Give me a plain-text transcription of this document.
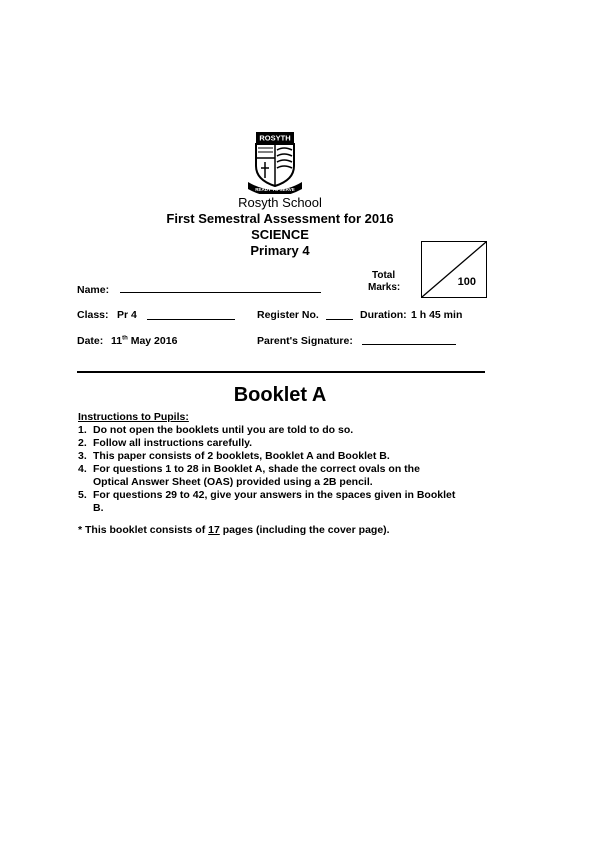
ROSYTH
READY TO SERVE
Rosyth School
First Semestral Assessment for 2016
SCIENCE
Primary 4
Total
Marks:	100
Name:
Class: Pr 4	Register No.	Duration: 1 h 45 min
Date: 11th May 2016	Parent's Signature:
Booklet A
Instructions to Pupils:
1. Do not open the booklets until you are told to do so.
2. Follow all instructions carefully.
3. This paper consists of 2 booklets, Booklet A and Booklet B.
4. For questions 1 to 28 in Booklet A, shade the correct ovals on the Optical Answer Sheet (OAS) provided using a 2B pencil.
5. For questions 29 to 42, give your answers in the spaces given in Booklet B.
* This booklet consists of 17 pages (including the cover page).
